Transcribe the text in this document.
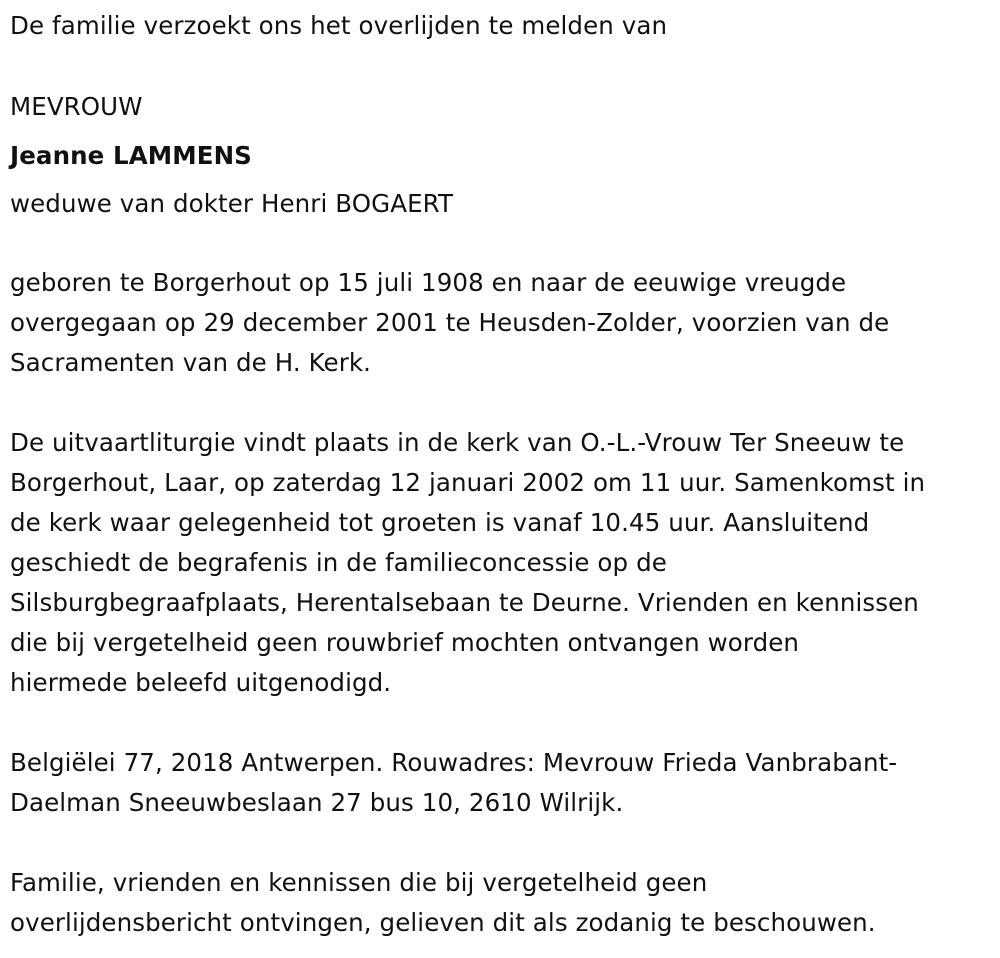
De familie verzoekt ons het overlijden te melden van

MEVROUW

Jeanne LAMMENS

weduwe van dokter Henri BOGAERT

geboren te Borgerhout op 15 juli 1908 en naar de eeuwige vreugde
overgegaan op 29 december 2001 te Heusden-Zolder, voorzien van de
Sacramenten van de H. Kerk.

De uitvaartliturgie vindt plaats in de kerk van O.-L.-Vrouw Ter Sneeuw te
Borgerhout, Laar, op zaterdag 12 januari 2002 om 11 uur. Samenkomst in
de kerk waar gelegenheid tot groeten is vanaf 10.45 uur. Aansluitend
geschiedt de begrafenis in de familieconcessie op de
Silsburgbegraafplaats, Herentalsebaan te Deurne. Vrienden en kennissen
die bij vergetelheid geen rouwbrief mochten ontvangen worden
hiermede beleefd uitgenodigd.

Belgiëlei 77, 2018 Antwerpen. Rouwadres: Mevrouw Frieda Vanbrabant-
Daelman Sneeuwbeslaan 27 bus 10, 2610 Wilrijk.

Familie, vrienden en kennissen die bij vergetelheid geen
overlijdensbericht ontvingen, gelieven dit als zodanig te beschouwen.
